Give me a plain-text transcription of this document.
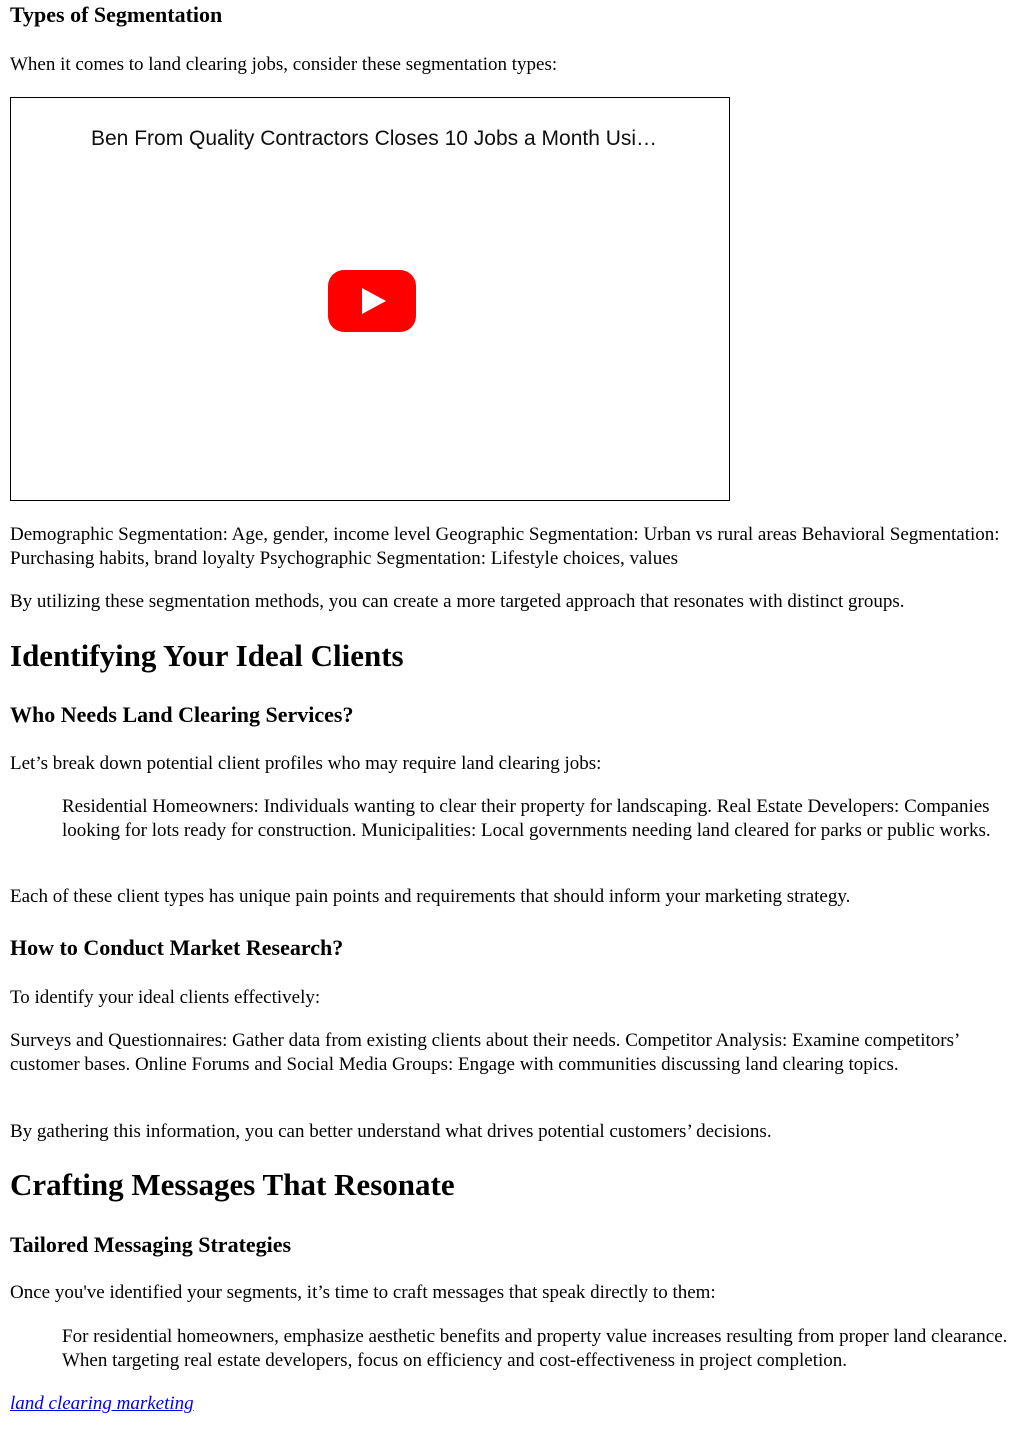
Types of Segmentation

When it comes to land clearing jobs, consider these segmentation types:

Ben From Quality Contractors Closes 10 Jobs a Month Usi…

Demographic Segmentation: Age, gender, income level Geographic Segmentation: Urban vs rural areas Behavioral Segmentation: Purchasing habits, brand loyalty Psychographic Segmentation: Lifestyle choices, values

By utilizing these segmentation methods, you can create a more targeted approach that resonates with distinct groups.

Identifying Your Ideal Clients
Who Needs Land Clearing Services?

Let’s break down potential client profiles who may require land clearing jobs:

Residential Homeowners: Individuals wanting to clear their property for landscaping. Real Estate Developers: Companies looking for lots ready for construction. Municipalities: Local governments needing land cleared for parks or public works.

Each of these client types has unique pain points and requirements that should inform your marketing strategy.

How to Conduct Market Research?

To identify your ideal clients effectively:

Surveys and Questionnaires: Gather data from existing clients about their needs. Competitor Analysis: Examine competitors’ customer bases. Online Forums and Social Media Groups: Engage with communities discussing land clearing topics.

By gathering this information, you can better understand what drives potential customers’ decisions.

Crafting Messages That Resonate
Tailored Messaging Strategies

Once you've identified your segments, it’s time to craft messages that speak directly to them:

For residential homeowners, emphasize aesthetic benefits and property value increases resulting from proper land clearance. When targeting real estate developers, focus on efficiency and cost-effectiveness in project completion.

land clearing marketing
